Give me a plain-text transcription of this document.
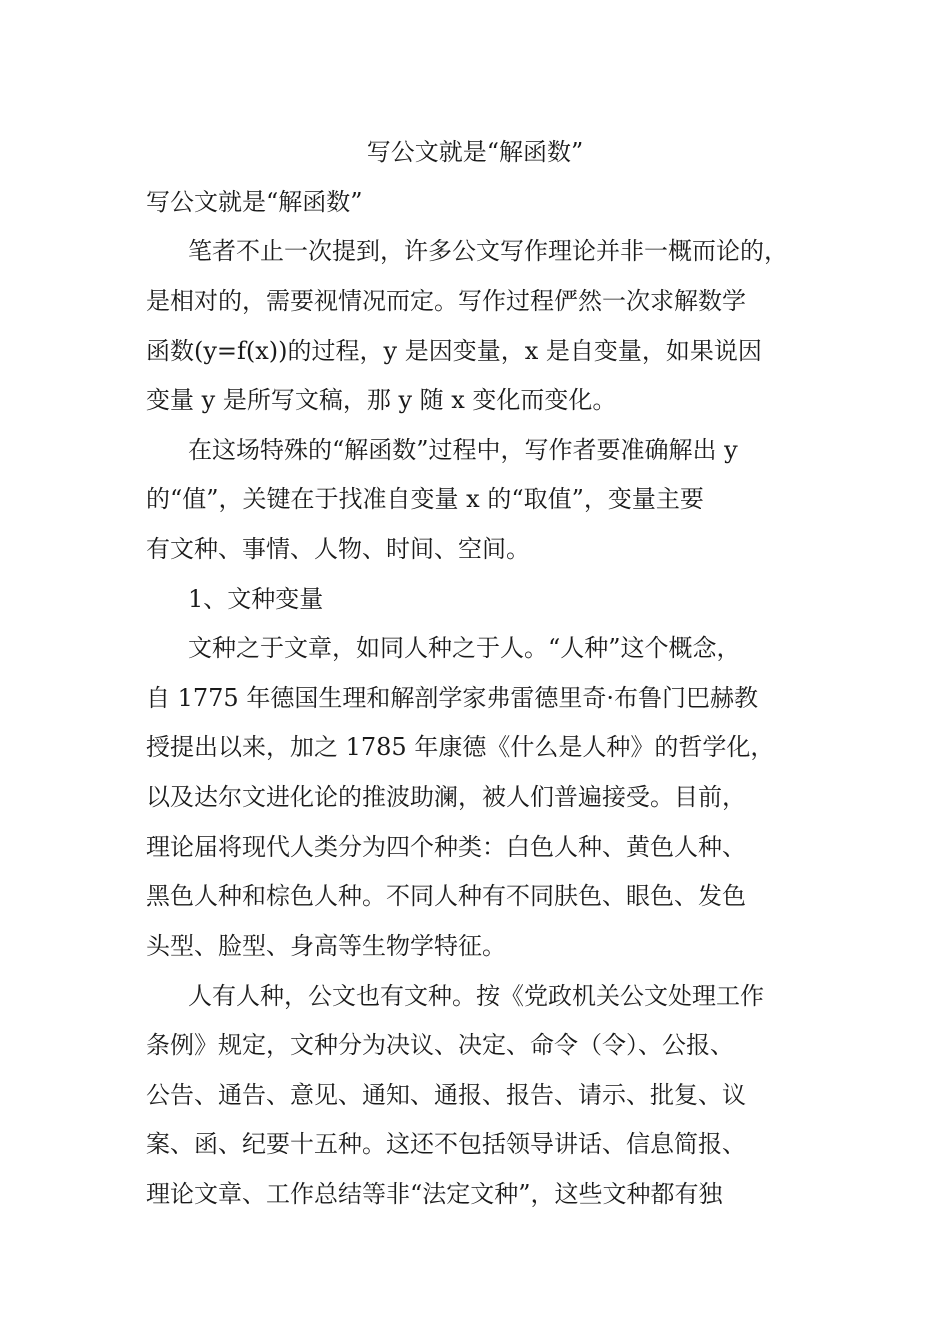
写公文就是“解函数”
写公文就是“解函数”
笔者不止一次提到，许多公文写作理论并非一概而论的，
是相对的，需要视情况而定。写作过程俨然一次求解数学
函数(y=f(x))的过程，y 是因变量，x 是自变量，如果说因
变量 y 是所写文稿，那 y 随 x 变化而变化。
在这场特殊的“解函数”过程中，写作者要准确解出 y
的“值”，关键在于找准自变量 x 的“取值”，变量主要
有文种、事情、人物、时间、空间。
1、文种变量
文种之于文章，如同人种之于人。“人种”这个概念，
自 1775 年德国生理和解剖学家弗雷德里奇·布鲁门巴赫教
授提出以来，加之 1785 年康德《什么是人种》的哲学化，
以及达尔文进化论的推波助澜，被人们普遍接受。目前，
理论届将现代人类分为四个种类：白色人种、黄色人种、
黑色人种和棕色人种。不同人种有不同肤色、眼色、发色
头型、脸型、身高等生物学特征。
人有人种，公文也有文种。按《党政机关公文处理工作
条例》规定，文种分为决议、决定、命令（令）、公报、
公告、通告、意见、通知、通报、报告、请示、批复、议
案、函、纪要十五种。这还不包括领导讲话、信息简报、
理论文章、工作总结等非“法定文种”，这些文种都有独
